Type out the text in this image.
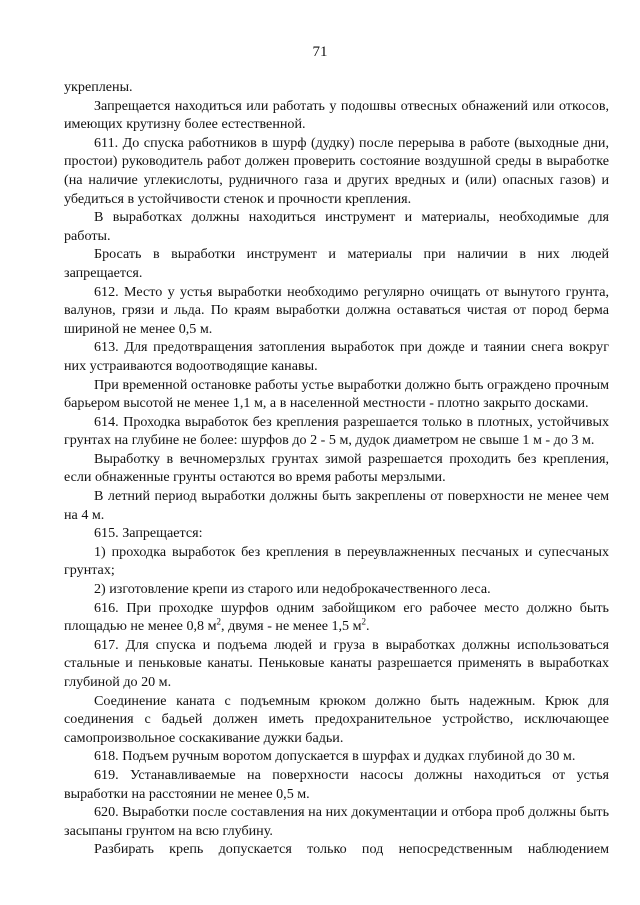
71

укреплены.

Запрещается находиться или работать у подошвы отвесных обнажений или откосов, имеющих крутизну более естественной.

611. До спуска работников в шурф (дудку) после перерыва в работе (выходные дни, простои) руководитель работ должен проверить состояние воздушной среды в выработке (на наличие углекислоты, рудничного газа и других вредных и (или) опасных газов) и убедиться в устойчивости стенок и прочности крепления.

В выработках должны находиться инструмент и материалы, необходимые для работы.

Бросать в выработки инструмент и материалы при наличии в них людей запрещается.

612. Место у устья выработки необходимо регулярно очищать от вынутого грунта, валунов, грязи и льда. По краям выработки должна оставаться чистая от пород берма шириной не менее 0,5 м.

613. Для предотвращения затопления выработок при дожде и таянии снега вокруг них устраиваются водоотводящие канавы.

При временной остановке работы устье выработки должно быть ограждено прочным барьером высотой не менее 1,1 м, а в населенной местности - плотно закрыто досками.

614. Проходка выработок без крепления разрешается только в плотных, устойчивых грунтах на глубине не более: шурфов до 2 - 5 м, дудок диаметром не свыше 1 м - до 3 м.

Выработку в вечномерзлых грунтах зимой разрешается проходить без крепления, если обнаженные грунты остаются во время работы мерзлыми.

В летний период выработки должны быть закреплены от поверхности не менее чем на 4 м.

615. Запрещается:

1) проходка выработок без крепления в переувлажненных песчаных и супесчаных грунтах;

2) изготовление крепи из старого или недоброкачественного леса.

616. При проходке шурфов одним забойщиком его рабочее место должно быть площадью не менее 0,8 $м^2$, двумя - не менее 1,5 $м^2$.

617. Для спуска и подъема людей и груза в выработках должны использоваться стальные и пеньковые канаты. Пеньковые канаты разрешается применять в выработках глубиной до 20 м.

Соединение каната с подъемным крюком должно быть надежным. Крюк для соединения с бадьей должен иметь предохранительное устройство, исключающее самопроизвольное соскакивание дужки бадьи.

618. Подъем ручным воротом допускается в шурфах и дудках глубиной до 30 м.

619. Устанавливаемые на поверхности насосы должны находиться от устья выработки на расстоянии не менее 0,5 м.

620. Выработки после составления на них документации и отбора проб должны быть засыпаны грунтом на всю глубину.

Разбирать крепь допускается только под непосредственным наблюдением
